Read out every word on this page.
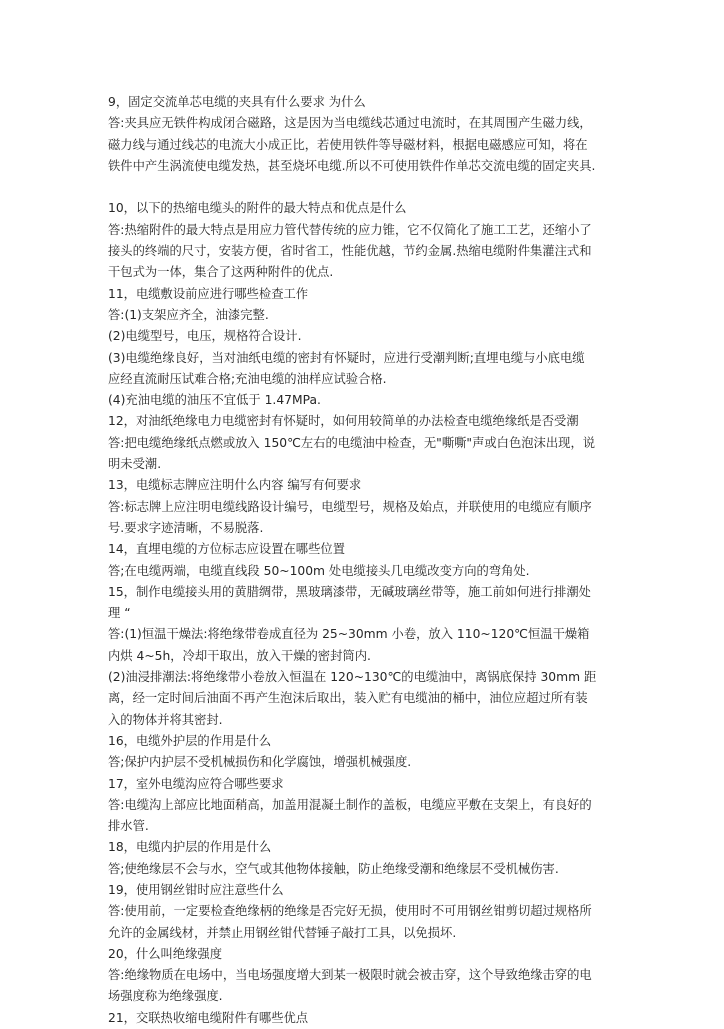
9，固定交流单芯电缆的夹具有什么要求 为什么
答:夹具应无铁件构成闭合磁路，这是因为当电缆线芯通过电流时，在其周围产生磁力线，
磁力线与通过线芯的电流大小成正比，若使用铁件等导磁材料，根据电磁感应可知，将在
铁件中产生涡流使电缆发热，甚至烧坏电缆.所以不可使用铁件作单芯交流电缆的固定夹具.
10，以下的热缩电缆头的附件的最大特点和优点是什么
答:热缩附件的最大特点是用应力管代替传统的应力锥，它不仅简化了施工工艺，还缩小了
接头的终端的尺寸，安装方便，省时省工，性能优越，节约金属.热缩电缆附件集灌注式和
干包式为一体，集合了这两种附件的优点.
11，电缆敷设前应进行哪些检查工作
答:(1)支架应齐全，油漆完整.
(2)电缆型号，电压，规格符合设计.
(3)电缆绝缘良好，当对油纸电缆的密封有怀疑时，应进行受潮判断;直埋电缆与小底电缆
应经直流耐压试难合格;充油电缆的油样应试验合格.
(4)充油电缆的油压不宜低于 1.47MPa.
12，对油纸绝缘电力电缆密封有怀疑时，如何用较简单的办法检查电缆绝缘纸是否受潮
答:把电缆绝缘纸点燃或放入 150℃左右的电缆油中检查，无"嘶嘶"声或白色泡沫出现，说
明未受潮.
13，电缆标志牌应注明什么内容 编写有何要求
答:标志牌上应注明电缆线路设计编号，电缆型号，规格及始点，并联使用的电缆应有顺序
号.要求字迹清晰，不易脱落.
14，直埋电缆的方位标志应设置在哪些位置
答;在电缆两端，电缆直线段 50~100m 处电缆接头几电缆改变方向的弯角处.
15，制作电缆接头用的黄腊绸带，黑玻璃漆带，无碱玻璃丝带等，施工前如何进行排潮处
理 “
答:(1)恒温干燥法:将绝缘带卷成直径为 25~30mm 小卷，放入 110~120℃恒温干燥箱
内烘 4~5h，冷却干取出，放入干燥的密封筒内.
(2)油浸排潮法:将绝缘带小卷放入恒温在 120~130℃的电缆油中，离锅底保持 30mm 距
离，经一定时间后油面不再产生泡沫后取出，装入贮有电缆油的桶中，油位应超过所有装
入的物体并将其密封.
16，电缆外护层的作用是什么
答;保护内护层不受机械损伤和化学腐蚀，增强机械强度.
17，室外电缆沟应符合哪些要求
答:电缆沟上部应比地面稍高，加盖用混凝土制作的盖板，电缆应平敷在支架上，有良好的
排水管.
18，电缆内护层的作用是什么
答;使绝缘层不会与水，空气或其他物体接触，防止绝缘受潮和绝缘层不受机械伤害.
19，使用钢丝钳时应注意些什么
答:使用前，一定要检查绝缘柄的绝缘是否完好无损，使用时不可用钢丝钳剪切超过规格所
允许的金属线材，并禁止用钢丝钳代替锤子敲打工具，以免损坏.
20，什么叫绝缘强度
答:绝缘物质在电场中，当电场强度增大到某一极限时就会被击穿，这个导致绝缘击穿的电
场强度称为绝缘强度.
21，交联热收缩电缆附件有哪些优点
